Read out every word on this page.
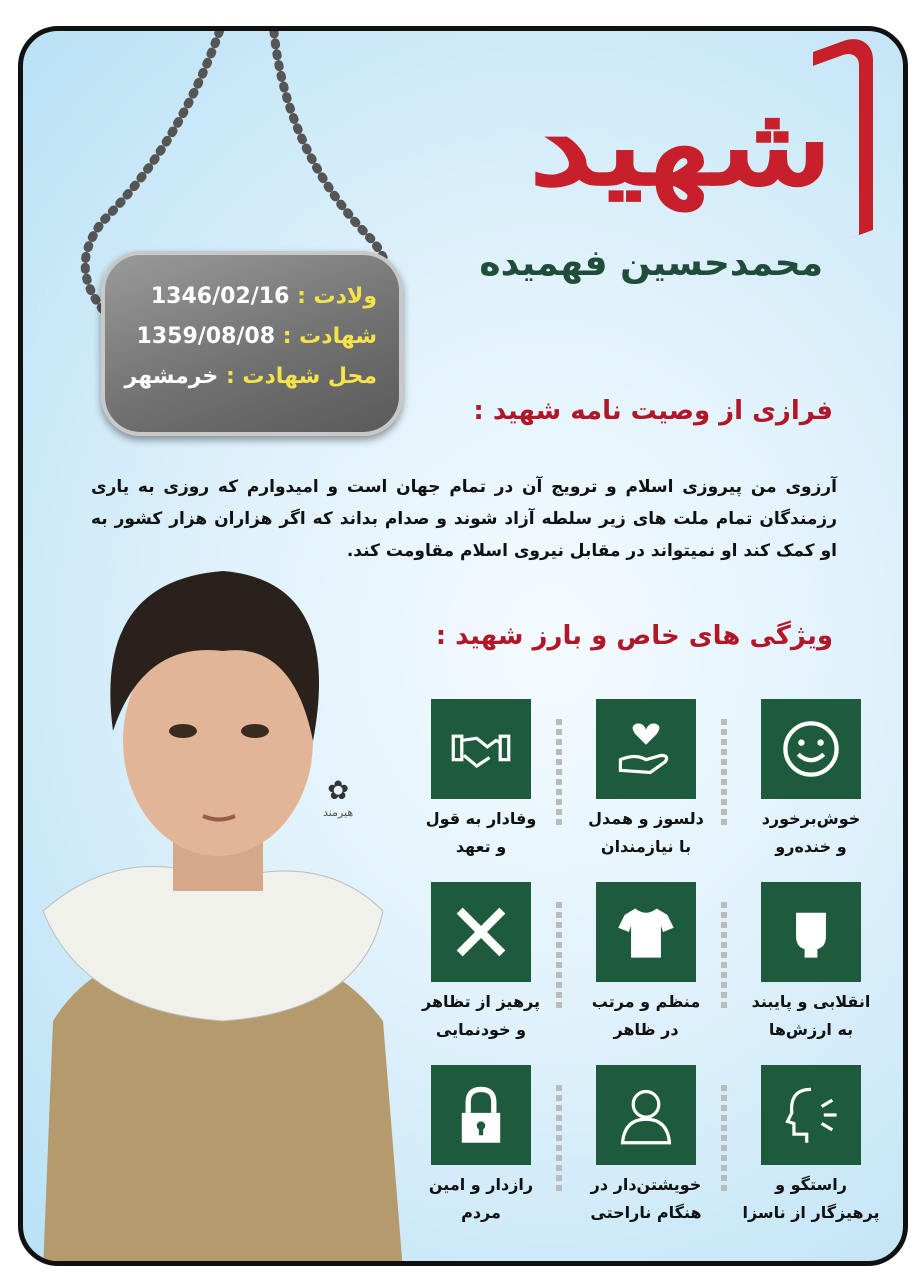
شهید
محمدحسین فهمیده
ولادت : 1346/02/16
شهادت : 1359/08/08
محل شهادت : خرمشهر
فرازی از وصیت نامه شهید :
آرزوی من پیروزی اسلام و ترویج آن در تمام جهان است و امیدوارم که روزی به یاری رزمندگان تمام ملت های زیر سلطه آزاد شوند و صدام بداند که اگر هزاران هزار کشور به او کمک کند او نمیتواند در مقابل نیروی اسلام مقاومت کند.
ویژگی های خاص و بارز شهید :
✿
هیرمند	خوش‌برخورد
و خنده‌رو
دلسوز و همدل
با نیازمندان
وفادار به قول
و تعهد
انقلابی و پایبند
به ارزش‌ها
منظم و مرتب
در ظاهر
پرهیز از تظاهر
و خودنمایی
راستگو و
پرهیزگار از ناسزا
خویشتن‌دار در
هنگام ناراحتی
رازدار و امین
مردم
